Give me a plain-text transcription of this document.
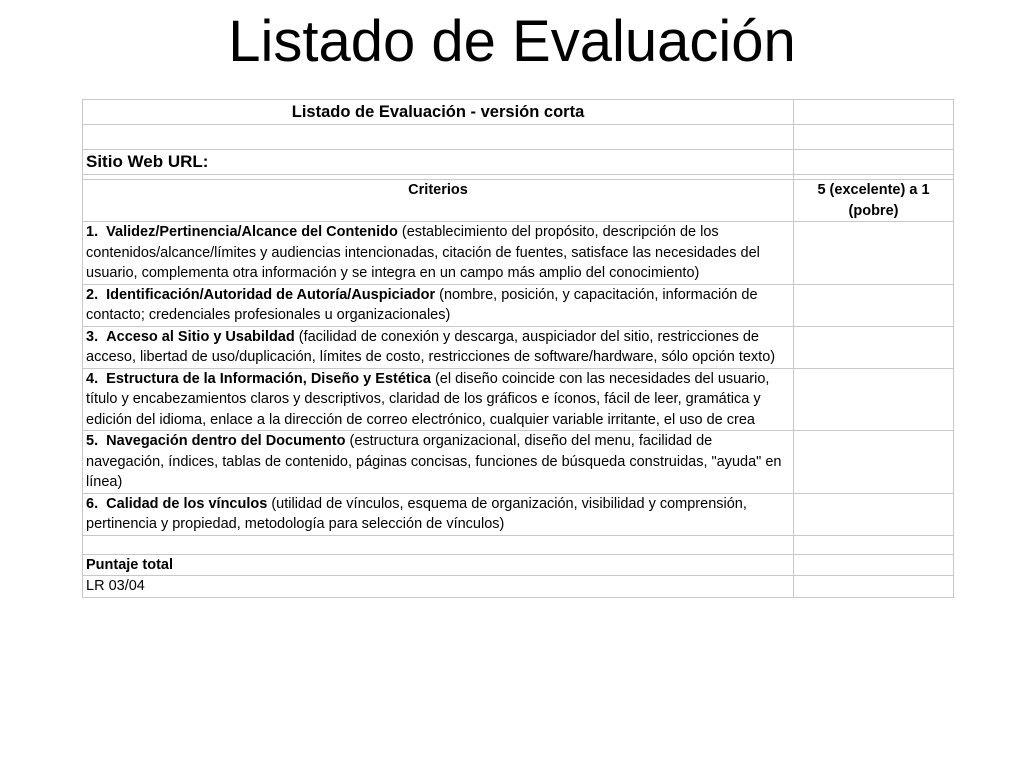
Listado de Evaluación
Listado de Evaluación - versión corta	

Sitio Web URL:	

Criterios	5 (excelente) a 1 (pobre)
1. Validez/Pertinencia/Alcance del Contenido (establecimiento del propósito, descripción de los contenidos/alcance/límites y audiencias intencionadas, citación de fuentes, satisface las necesidades del usuario, complementa otra información y se integra en un campo más amplio del conocimiento)	
2. Identificación/Autoridad de Autoría/Auspiciador (nombre, posición, y capacitación, información de contacto; credenciales profesionales u organizacionales)	
3. Acceso al Sitio y Usabildad (facilidad de conexión y descarga, auspiciador del sitio, restricciones de acceso, libertad de uso/duplicación, límites de costo, restricciones de software/hardware, sólo opción texto)	
4. Estructura de la Información, Diseño y Estética (el diseño coincide con las necesidades del usuario, título y encabezamientos claros y descriptivos, claridad de los gráficos e íconos, fácil de leer, gramática y edición del idioma, enlace a la dirección de correo electrónico, cualquier variable irritante, el uso de crea	
5. Navegación dentro del Documento (estructura organizacional, diseño del menu, facilidad de navegación, índices, tablas de contenido, páginas concisas, funciones de búsqueda construidas, "ayuda" en línea)	
6. Calidad de los vínculos (utilidad de vínculos, esquema de organización, visibilidad y comprensión, pertinencia y propiedad, metodología para selección de vínculos)	

Puntaje total	
LR 03/04	
